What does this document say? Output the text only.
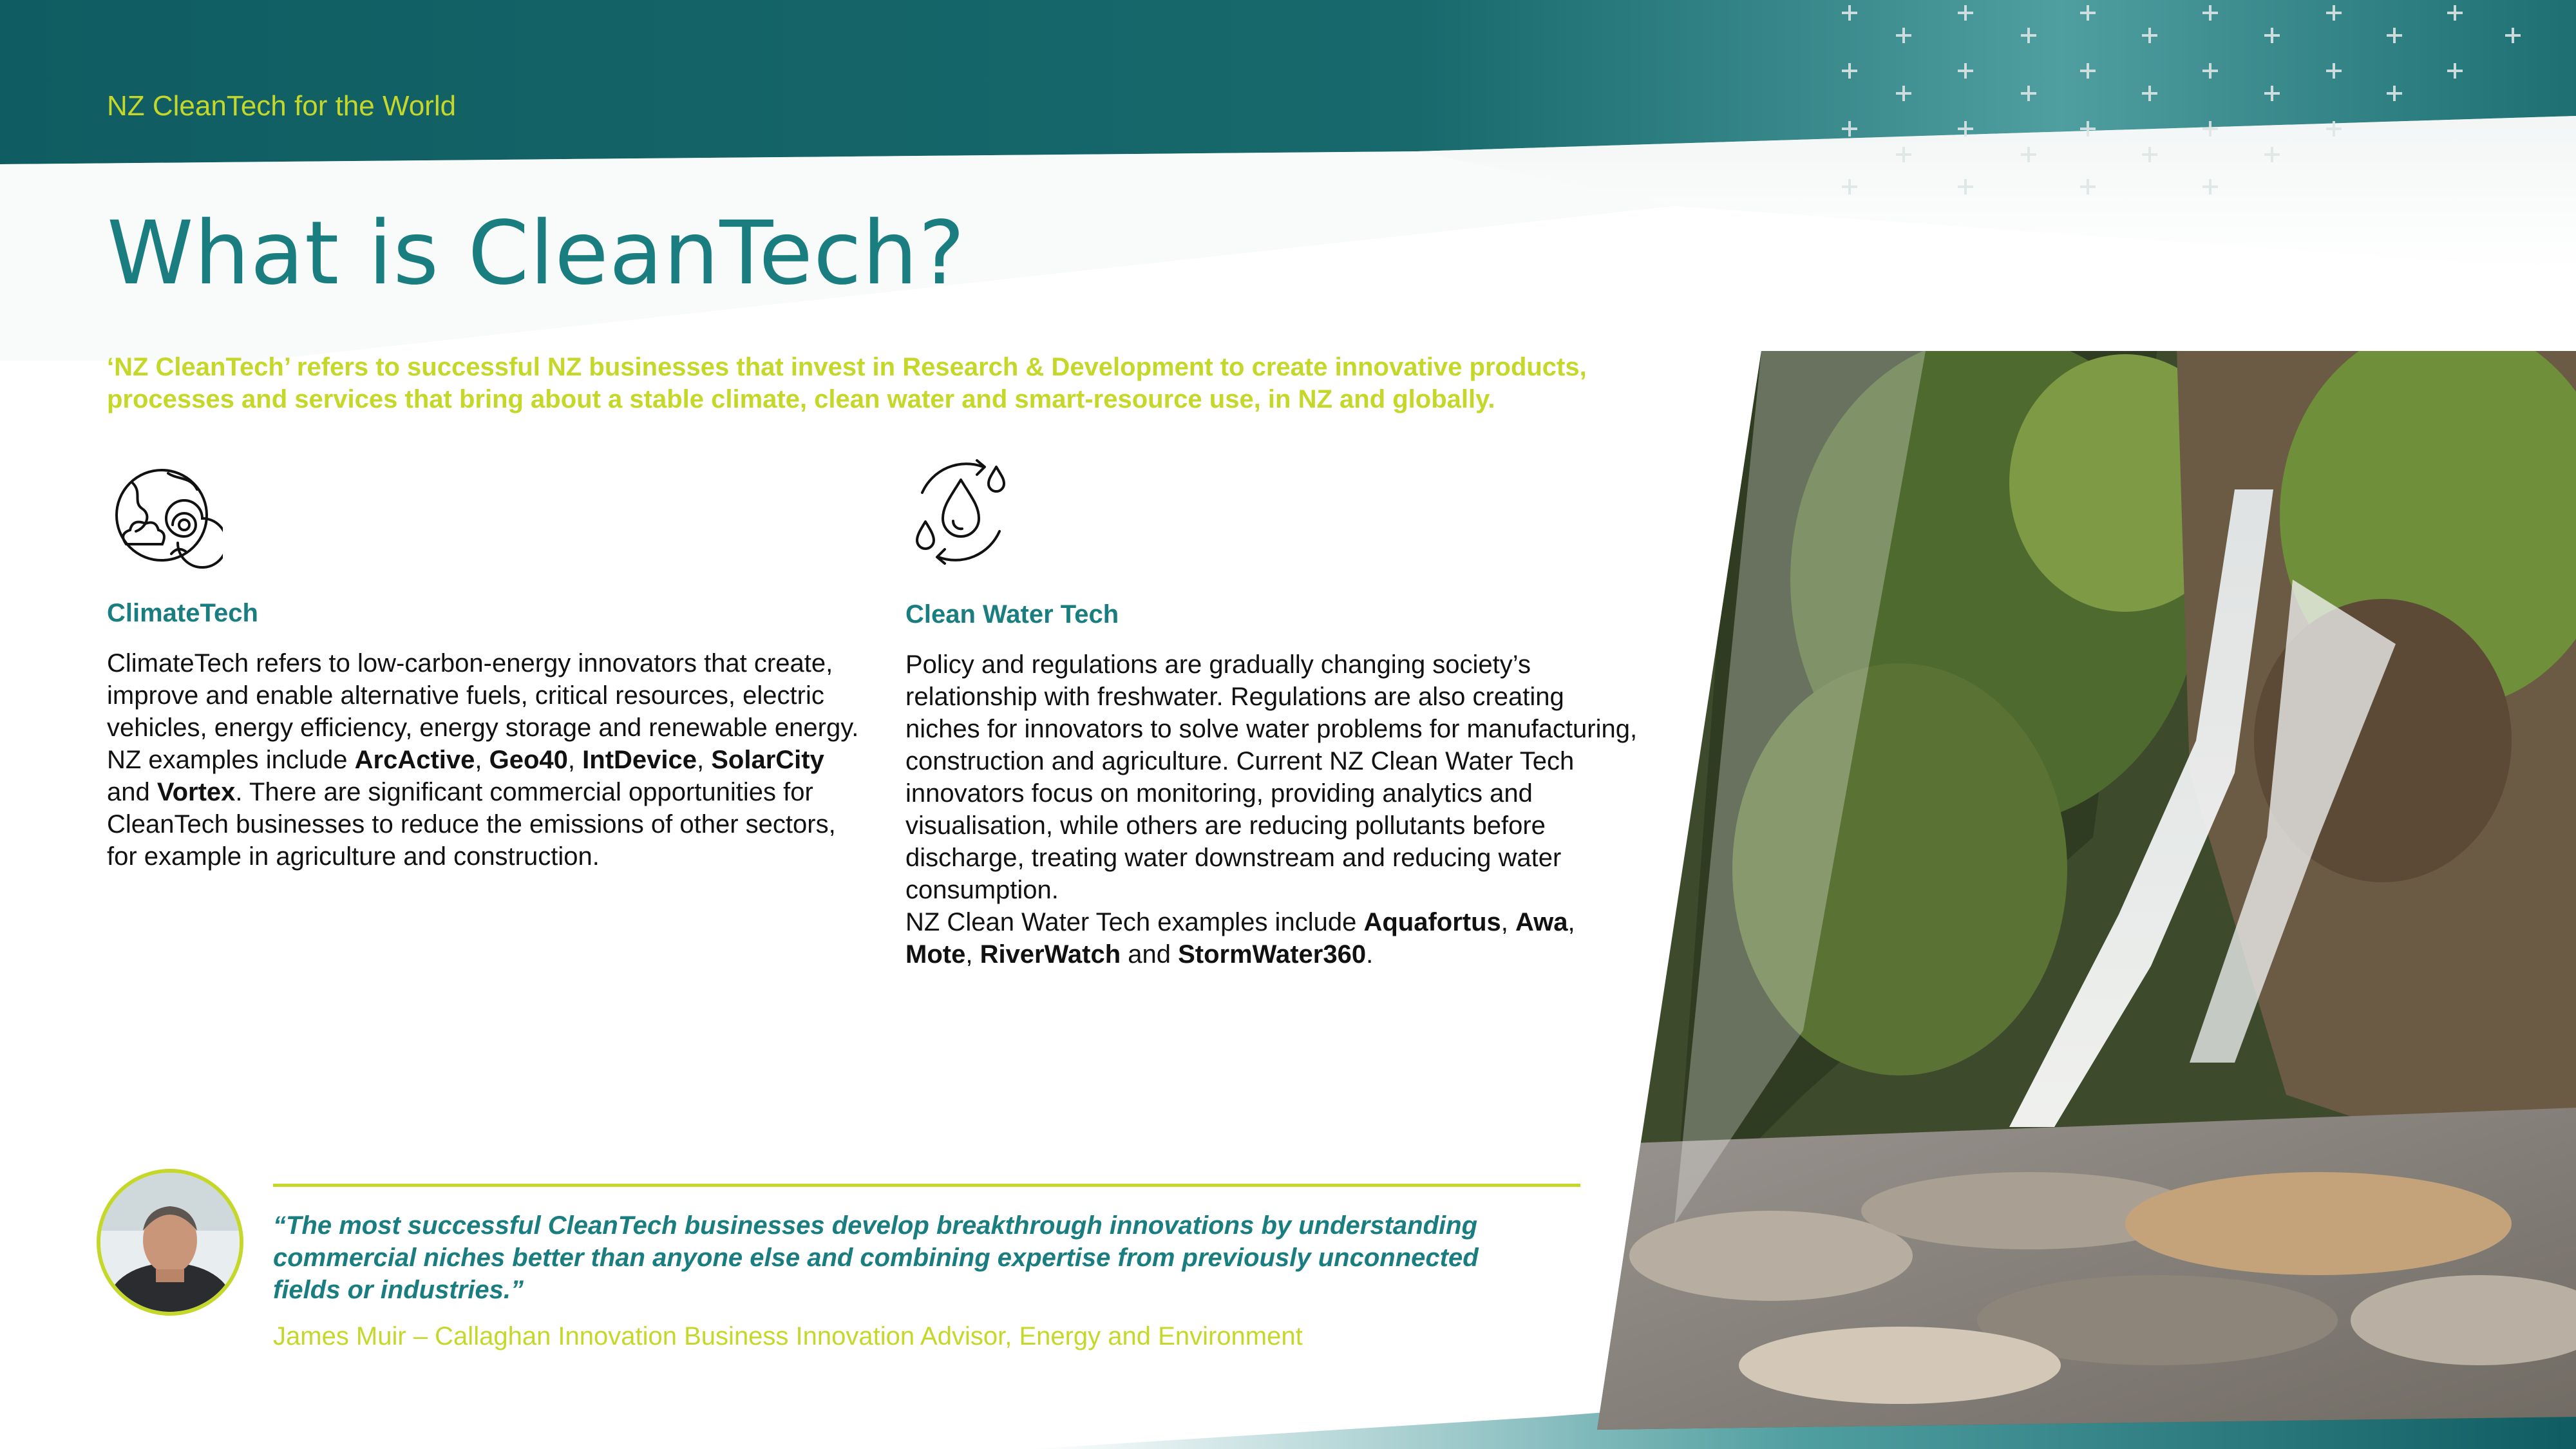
NZ CleanTech for the World
What is CleanTech?
‘NZ CleanTech’ refers to successful NZ businesses that invest in Research & Development to create innovative products, processes and services that bring about a stable climate, clean water and smart-resource use, in NZ and globally.
ClimateTech
ClimateTech refers to low-carbon-energy innovators that create, improve and enable alternative fuels, critical resources, electric vehicles, energy efficiency, energy storage and renewable energy. NZ examples include ArcActive, Geo40, IntDevice, SolarCity and Vortex. There are significant commercial opportunities for CleanTech businesses to reduce the emissions of other sectors, for example in agriculture and construction.
Clean Water Tech
Policy and regulations are gradually changing society’s relationship with freshwater. Regulations are also creating niches for innovators to solve water problems for manufacturing, construction and agriculture. Current NZ Clean Water Tech innovators focus on monitoring, providing analytics and visualisation, while others are reducing pollutants before discharge, treating water downstream and reducing water consumption.
NZ Clean Water Tech examples include Aquafortus, Awa, Mote, RiverWatch and StormWater360.
“The most successful CleanTech businesses develop breakthrough innovations by understanding commercial niches better than anyone else and combining expertise from previously unconnected fields or industries.”
James Muir – Callaghan Innovation Business Innovation Advisor, Energy and Environment
